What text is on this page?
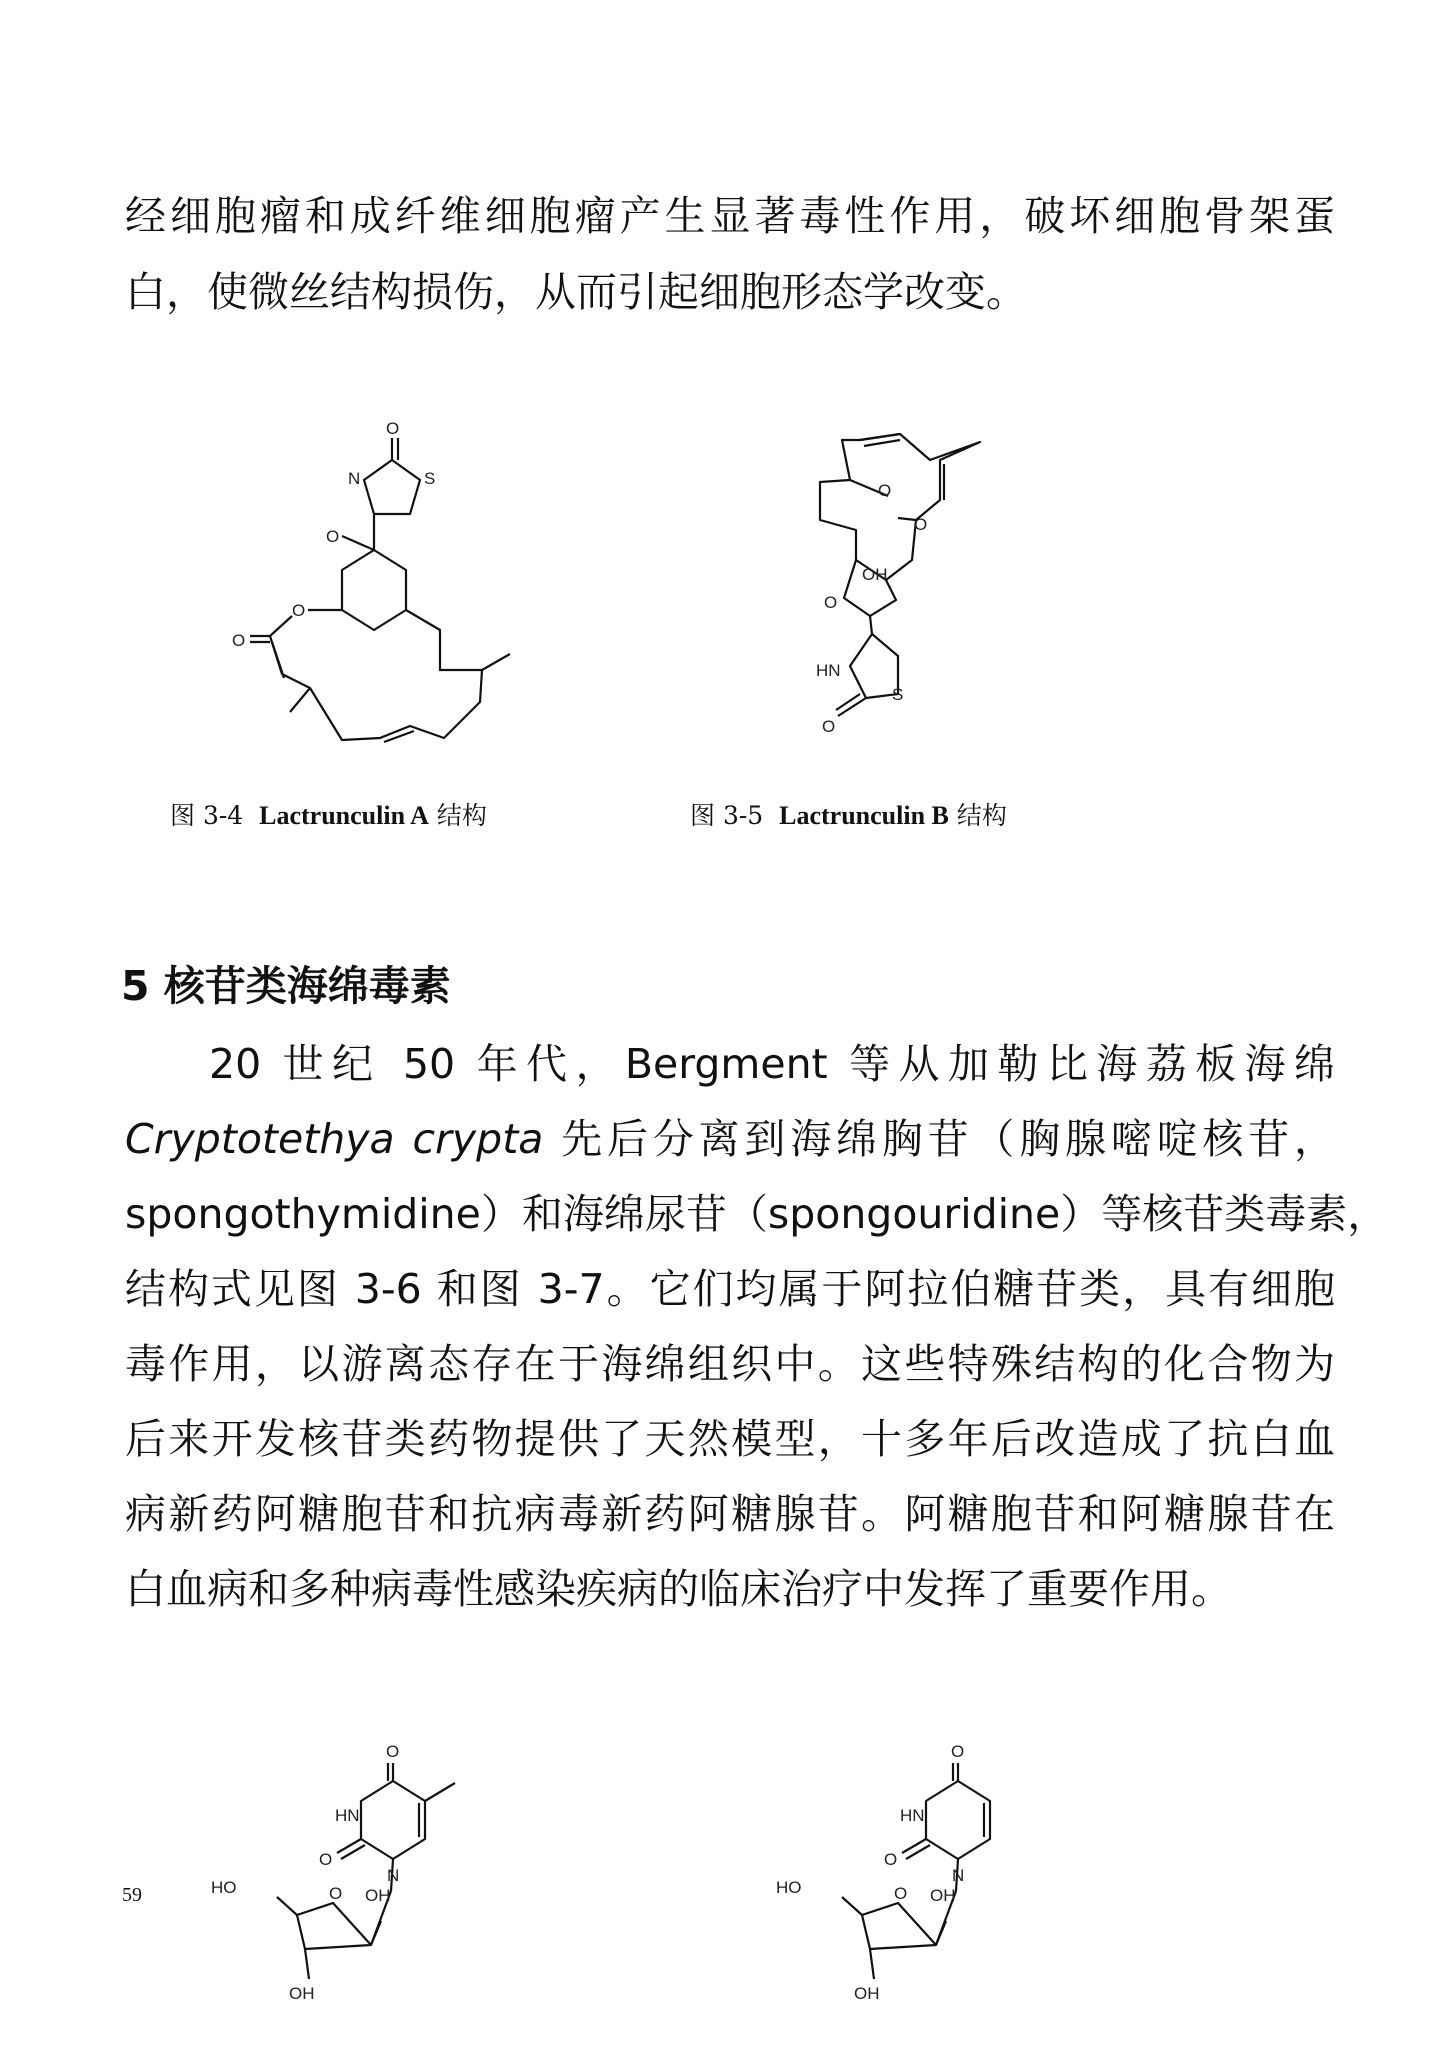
经细胞瘤和成纤维细胞瘤产生显著毒性作用，破坏细胞骨架蛋
白，使微丝结构损伤，从而引起细胞形态学改变。
O
S
N
O
O
O
图 3-4 Lactrunculin A 结构
O
O
OH
O
HN
S
O
图 3-5 Lactrunculin B 结构
5 核苷类海绵毒素
20 世纪 50 年代，Bergment 等从加勒比海荔板海绵
Cryptotethya crypta 先后分离到海绵胸苷（胸腺嘧啶核苷，
spongothymidine）和海绵尿苷（spongouridine）等核苷类毒素，
结构式见图 3-6 和图 3-7。它们均属于阿拉伯糖苷类，具有细胞
毒作用，以游离态存在于海绵组织中。这些特殊结构的化合物为
后来开发核苷类药物提供了天然模型，十多年后改造成了抗白血
病新药阿糖胞苷和抗病毒新药阿糖腺苷。阿糖胞苷和阿糖腺苷在
白血病和多种病毒性感染疾病的临床治疗中发挥了重要作用。
O
HN
O
N
HO	O OH
OH
O
HN
O
N
HO	O OH
OH
59
